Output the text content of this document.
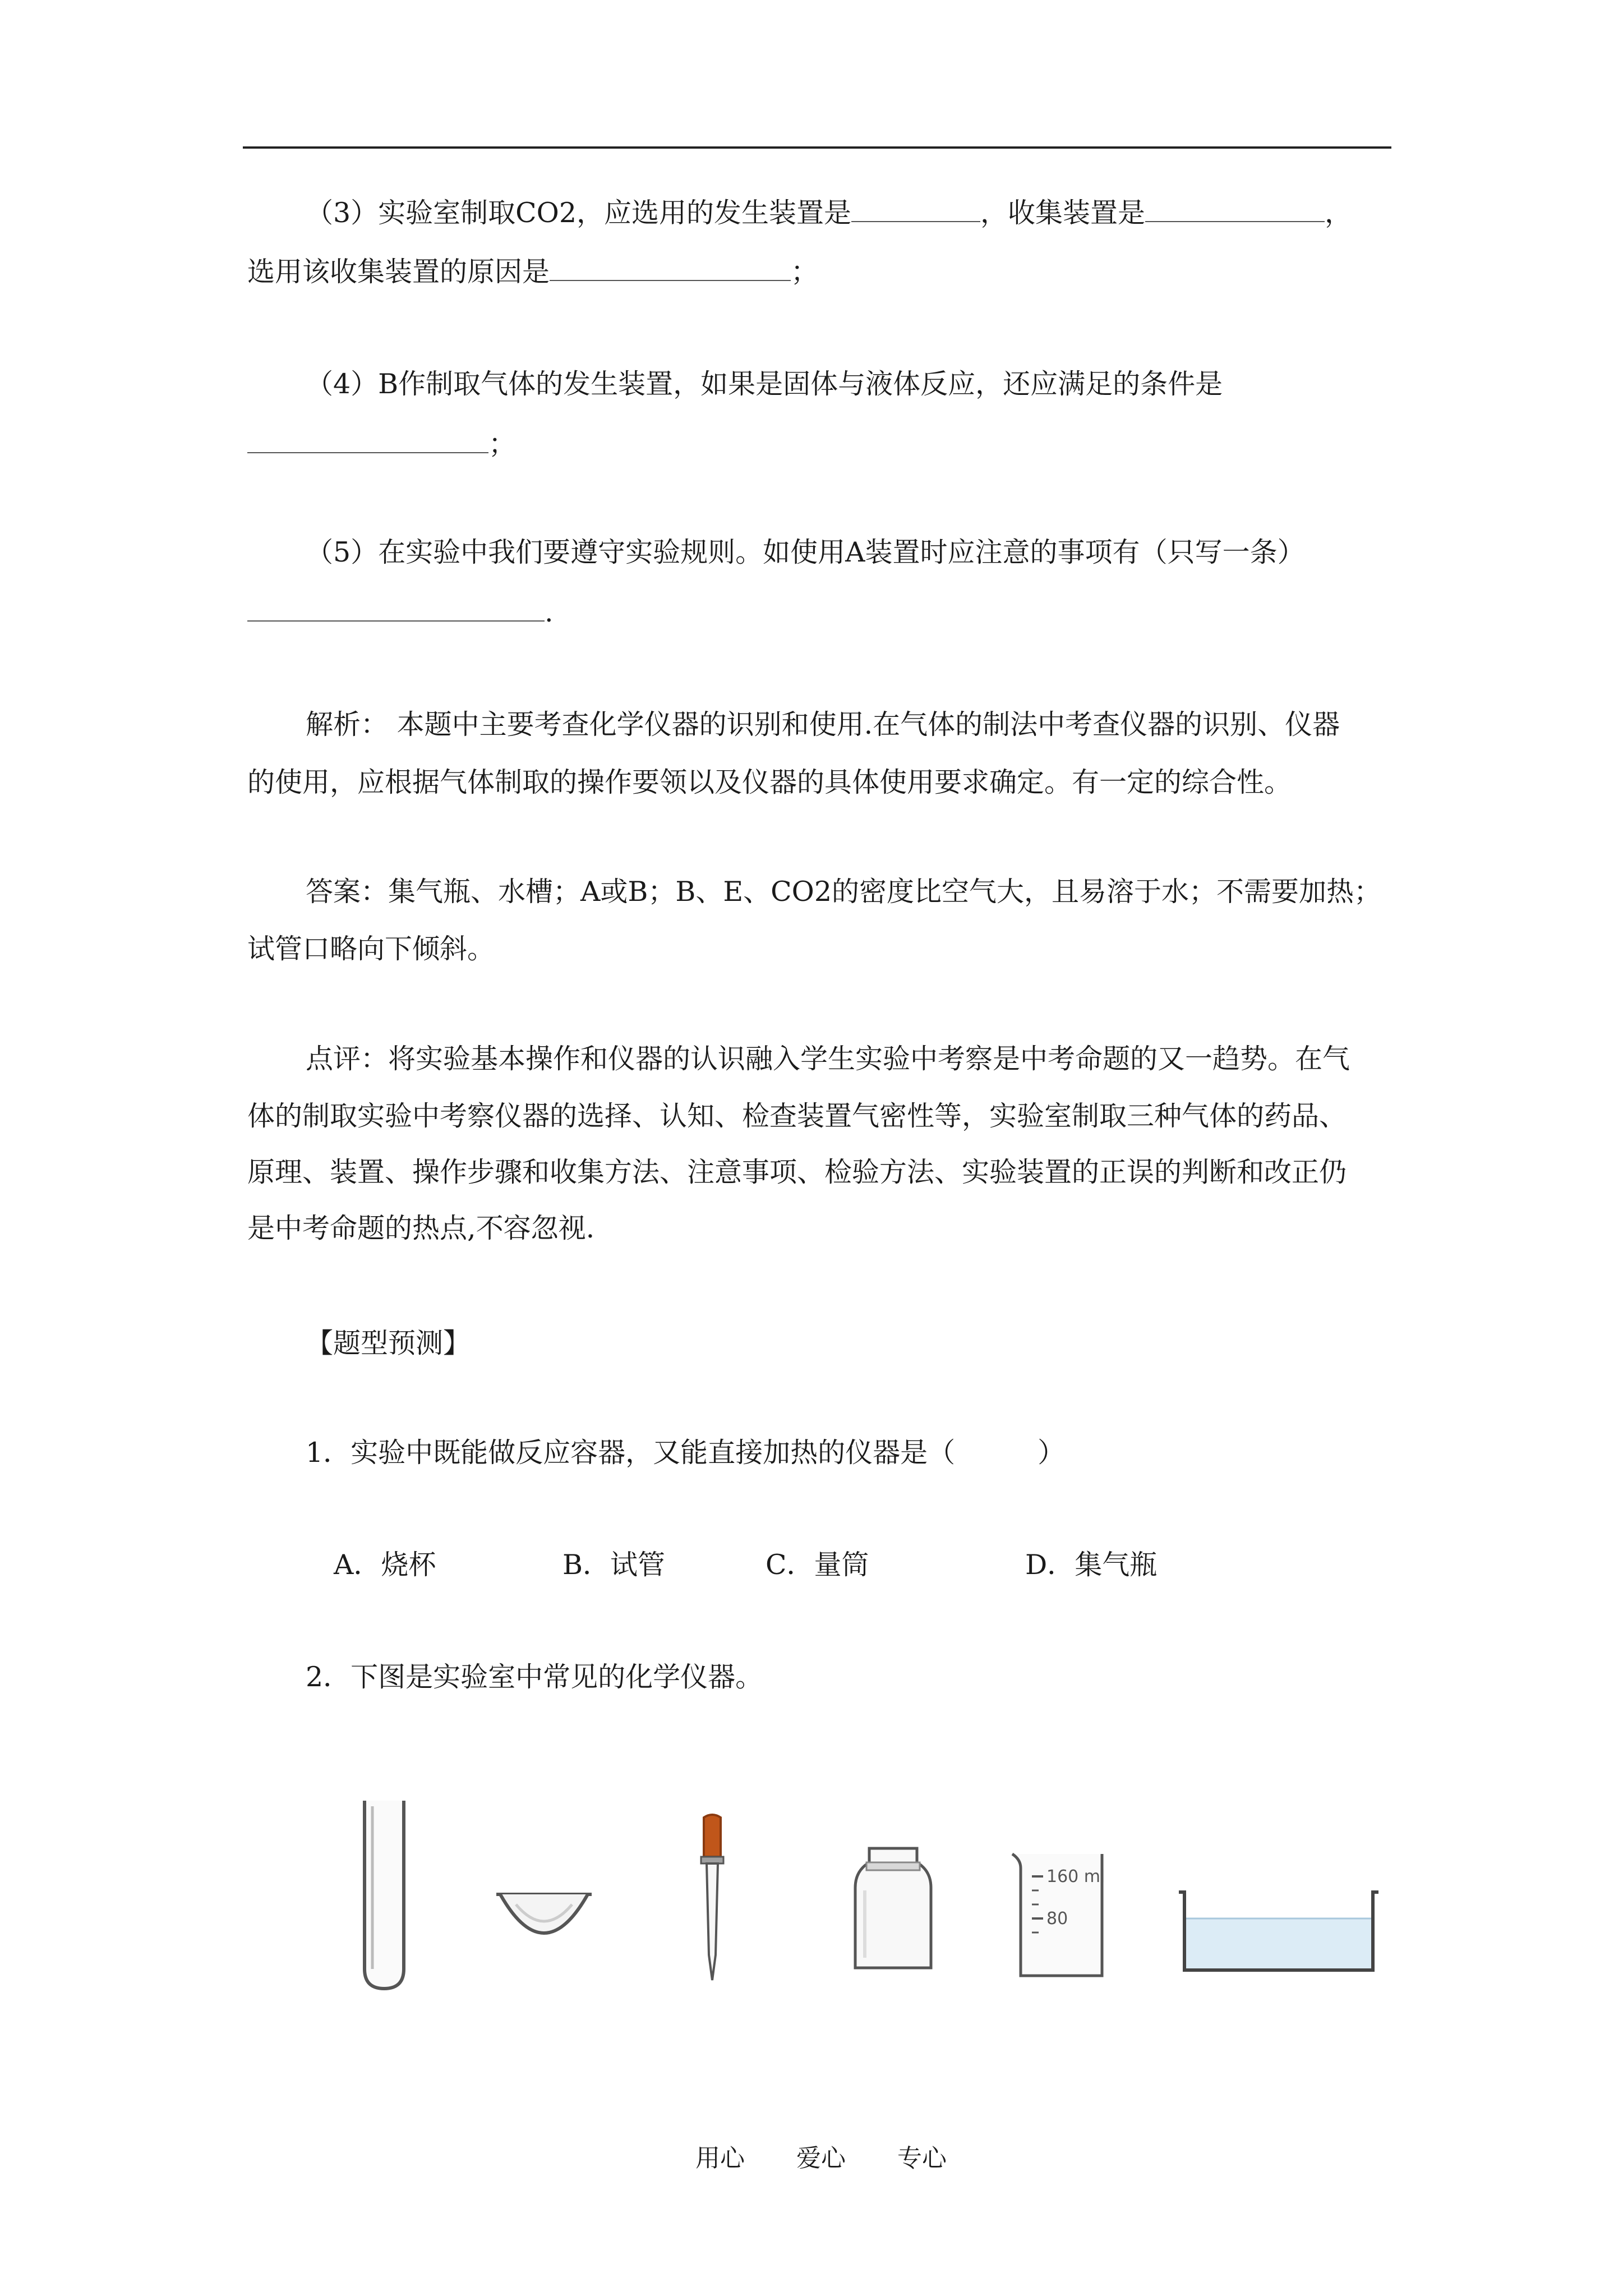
（3）实验室制取CO2，应选用的发生装置是	，收集装置是	，
选用该收集装置的原因是	；
（4）B作制取气体的发生装置，如果是固体与液体反应，还应满足的条件是
；
（5）在实验中我们要遵守实验规则。如使用A装置时应注意的事项有（只写一条）
.
解析： 本题中主要考查化学仪器的识别和使用.在气体的制法中考查仪器的识别、仪器
的使用，应根据气体制取的操作要领以及仪器的具体使用要求确定。有一定的综合性。
答案：集气瓶、水槽；A或B；B、E、CO2的密度比空气大，且易溶于水；不需要加热；
试管口略向下倾斜。
点评：将实验基本操作和仪器的认识融入学生实验中考察是中考命题的又一趋势。在气
体的制取实验中考察仪器的选择、认知、检查装置气密性等，实验室制取三种气体的药品、
原理、装置、操作步骤和收集方法、注意事项、检验方法、实验装置的正误的判断和改正仍
是中考命题的热点,不容忽视.
【题型预测】
1．实验中既能做反应容器，又能直接加热的仪器是（　　　）
A．烧杯	B．试管	C．量筒	D．集气瓶
2．下图是实验室中常见的化学仪器。
160 ml
80
用心 爱心 专心
